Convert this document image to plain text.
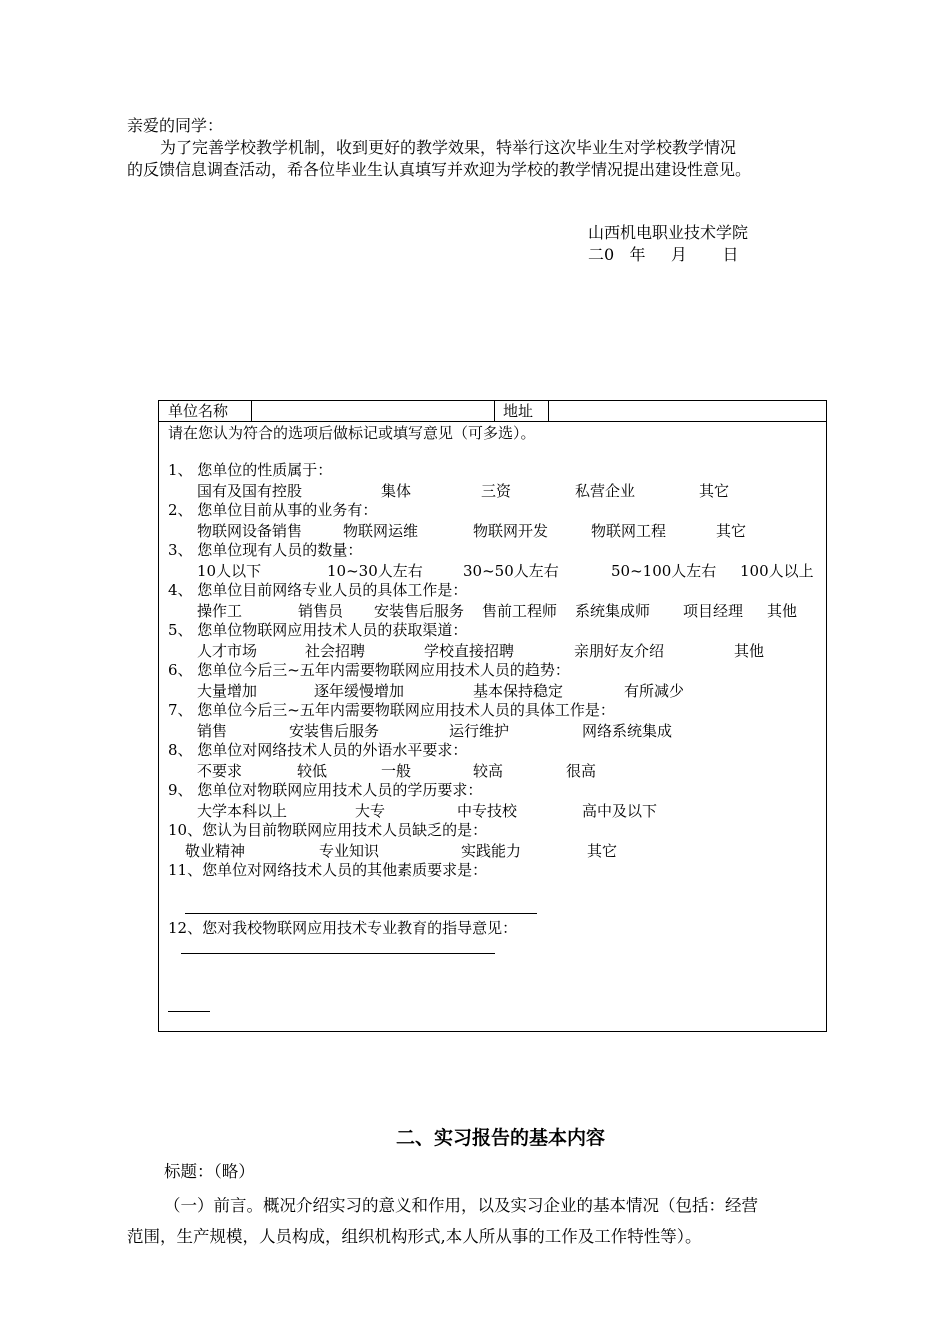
亲爱的同学：
为了完善学校教学机制，收到更好的教学效果，特举行这次毕业生对学校教学情况
的反馈信息调查活动，希各位毕业生认真填写并欢迎为学校的教学情况提出建设性意见。
山西机电职业技术学院
二0   年     月       日
单位名称	地址
请在您认为符合的选项后做标记或填写意见（可多选）。
1、 您单位的性质属于：
国有及国有控股	集体	三资	私营企业	其它
2、 您单位目前从事的业务有：
物联网设备销售	物联网运维	物联网开发	物联网工程	其它
3、 您单位现有人员的数量：
10人以下	10~30人左右	30~50人左右	50~100人左右 100人以上
4、 您单位目前网络专业人员的具体工作是：
操作工	销售员 安装售后服务 售前工程师 系统集成师 项目经理 其他
5、 您单位物联网应用技术人员的获取渠道：
人才市场	社会招聘	学校直接招聘	亲朋好友介绍	其他
6、 您单位今后三~五年内需要物联网应用技术人员的趋势：
大量增加	逐年缓慢增加	基本保持稳定	有所减少
7、 您单位今后三~五年内需要物联网应用技术人员的具体工作是：
销售	安装售后服务	运行维护	网络系统集成
8、 您单位对网络技术人员的外语水平要求：
不要求	较低	一般	较高	很高
9、 您单位对物联网应用技术人员的学历要求：
大学本科以上	大专	中专技校	高中及以下
10、您认为目前物联网应用技术人员缺乏的是：
敬业精神	专业知识	实践能力	其它
11、您单位对网络技术人员的其他素质要求是：
12、您对我校物联网应用技术专业教育的指导意见：
二、实习报告的基本内容
标题：（略）
（一）前言。概况介绍实习的意义和作用，以及实习企业的基本情况（包括：经营
范围，生产规模，人员构成，组织机构形式,本人所从事的工作及工作特性等）。
